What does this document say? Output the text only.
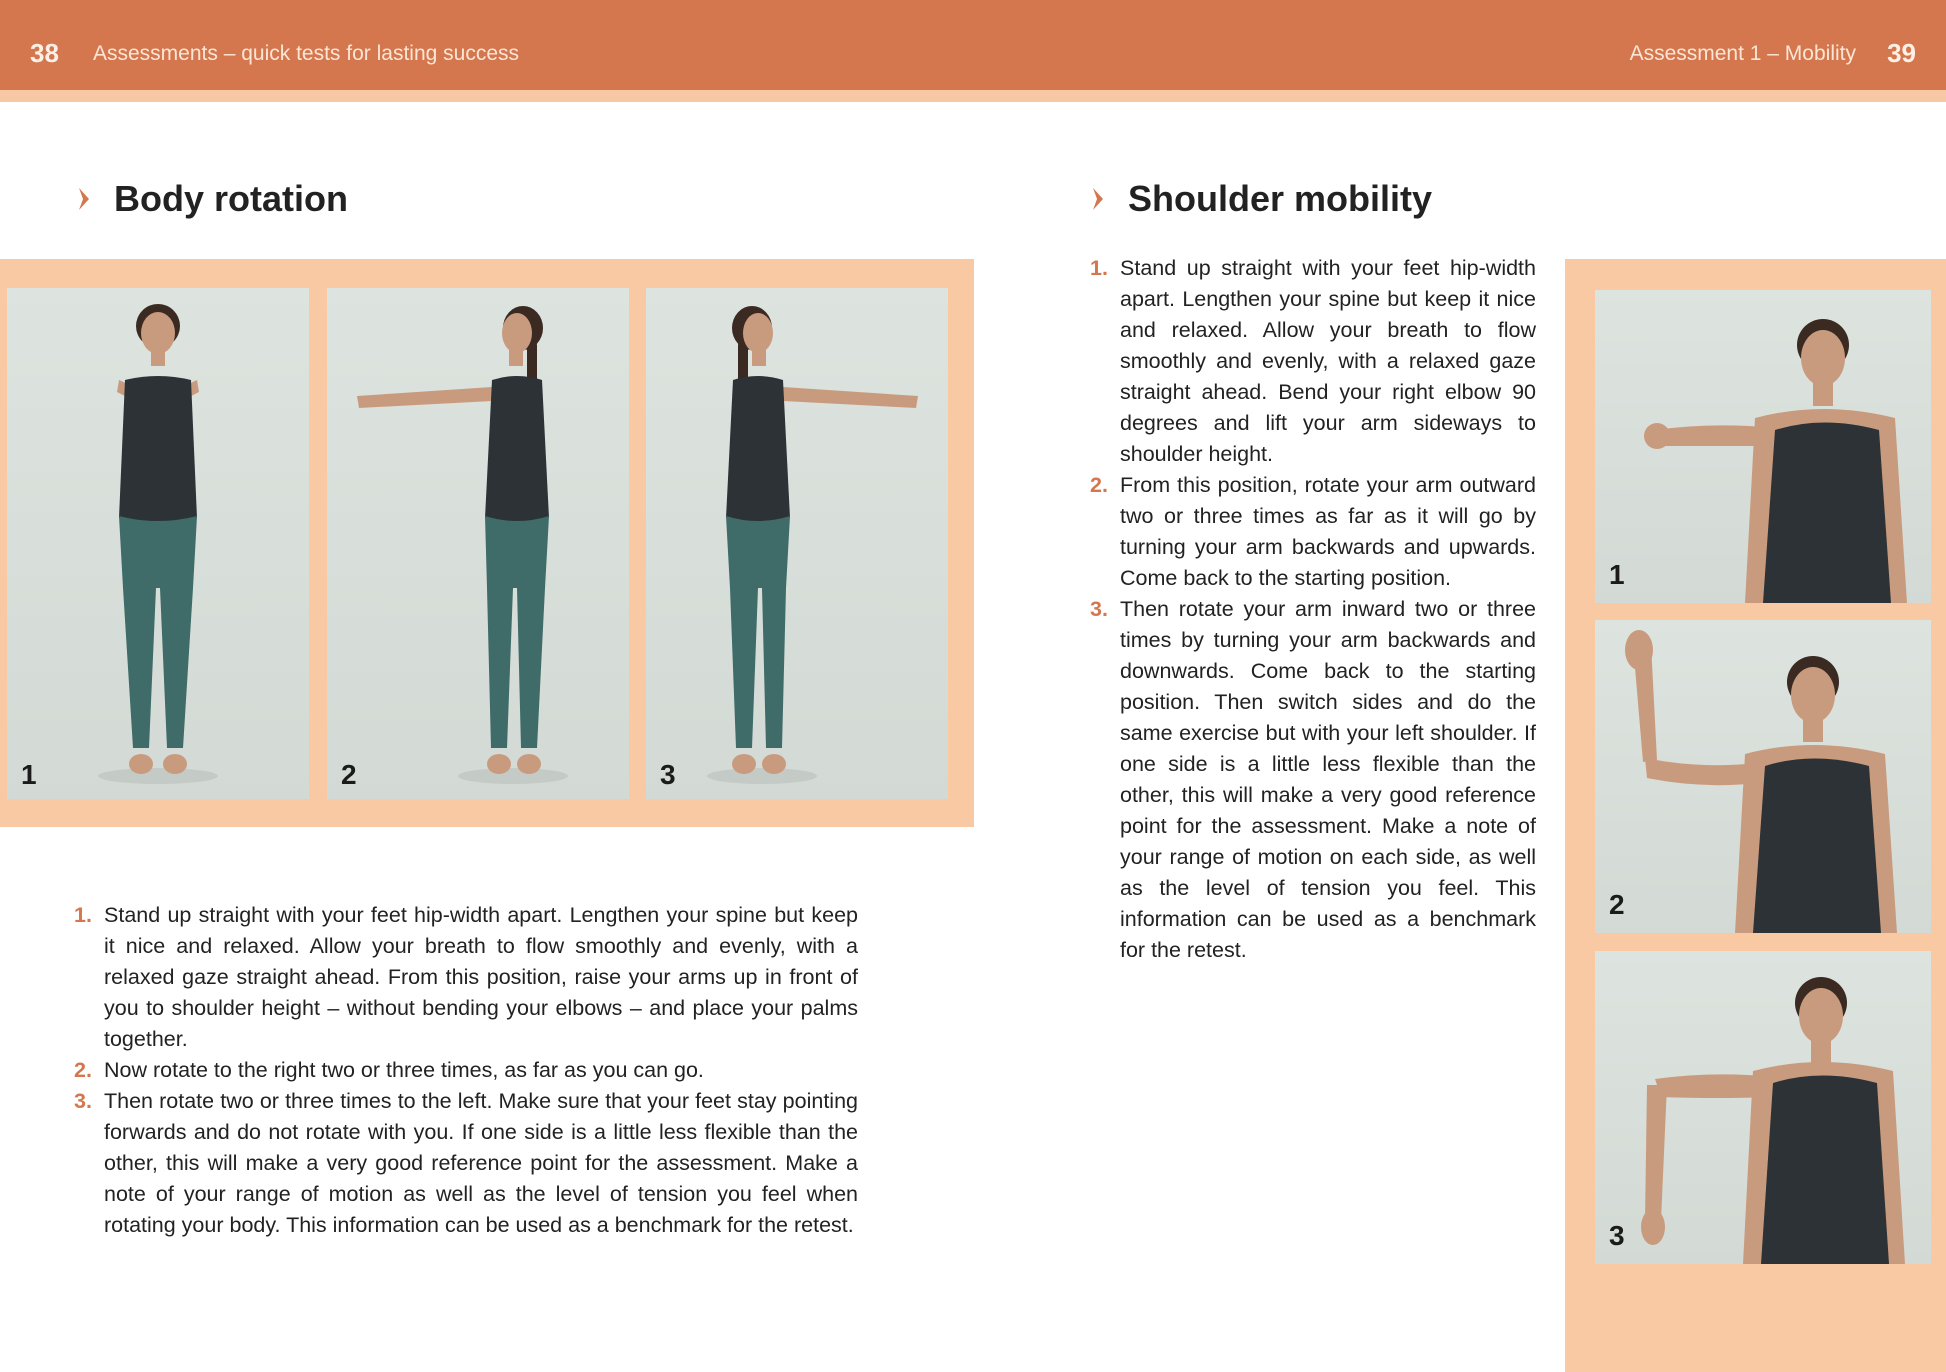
38 Assessments – quick tests for lasting success	Assessment 1 – Mobility 39
Body rotation
1	2	3
1. Stand up straight with your feet hip-width apart. Lengthen your spine but keep it nice and relaxed. Allow your breath to flow smoothly and evenly, with a relaxed gaze straight ahead. From this position, raise your arms up in front of you to shoulder height – without bending your elbows – and place your palms together.
2. Now rotate to the right two or three times, as far as you can go.
3. Then rotate two or three times to the left. Make sure that your feet stay pointing forwards and do not rotate with you. If one side is a little less flexible than the other, this will make a very good reference point for the assessment. Make a note of your range of motion as well as the level of tension you feel when rotating your body. This information can be used as a benchmark for the retest.
Shoulder mobility
1. Stand up straight with your feet hip-width apart. Lengthen your spine but keep it nice and relaxed. Allow your breath to flow smoothly and evenly, with a relaxed gaze straight ahead. Bend your right elbow 90 degrees and lift your arm sideways to shoulder height.
2. From this position, rotate your arm outward two or three times as far as it will go by turning your arm backwards and upwards. Come back to the starting position.
3. Then rotate your arm inward two or three times by turning your arm backwards and downwards. Come back to the starting position. Then switch sides and do the same exercise but with your left shoulder. If one side is a little less flexible than the other, this will make a very good reference point for the assessment. Make a note of your range of motion on each side, as well as the level of tension you feel. This information can be used as a benchmark for the retest.
1
2
3
